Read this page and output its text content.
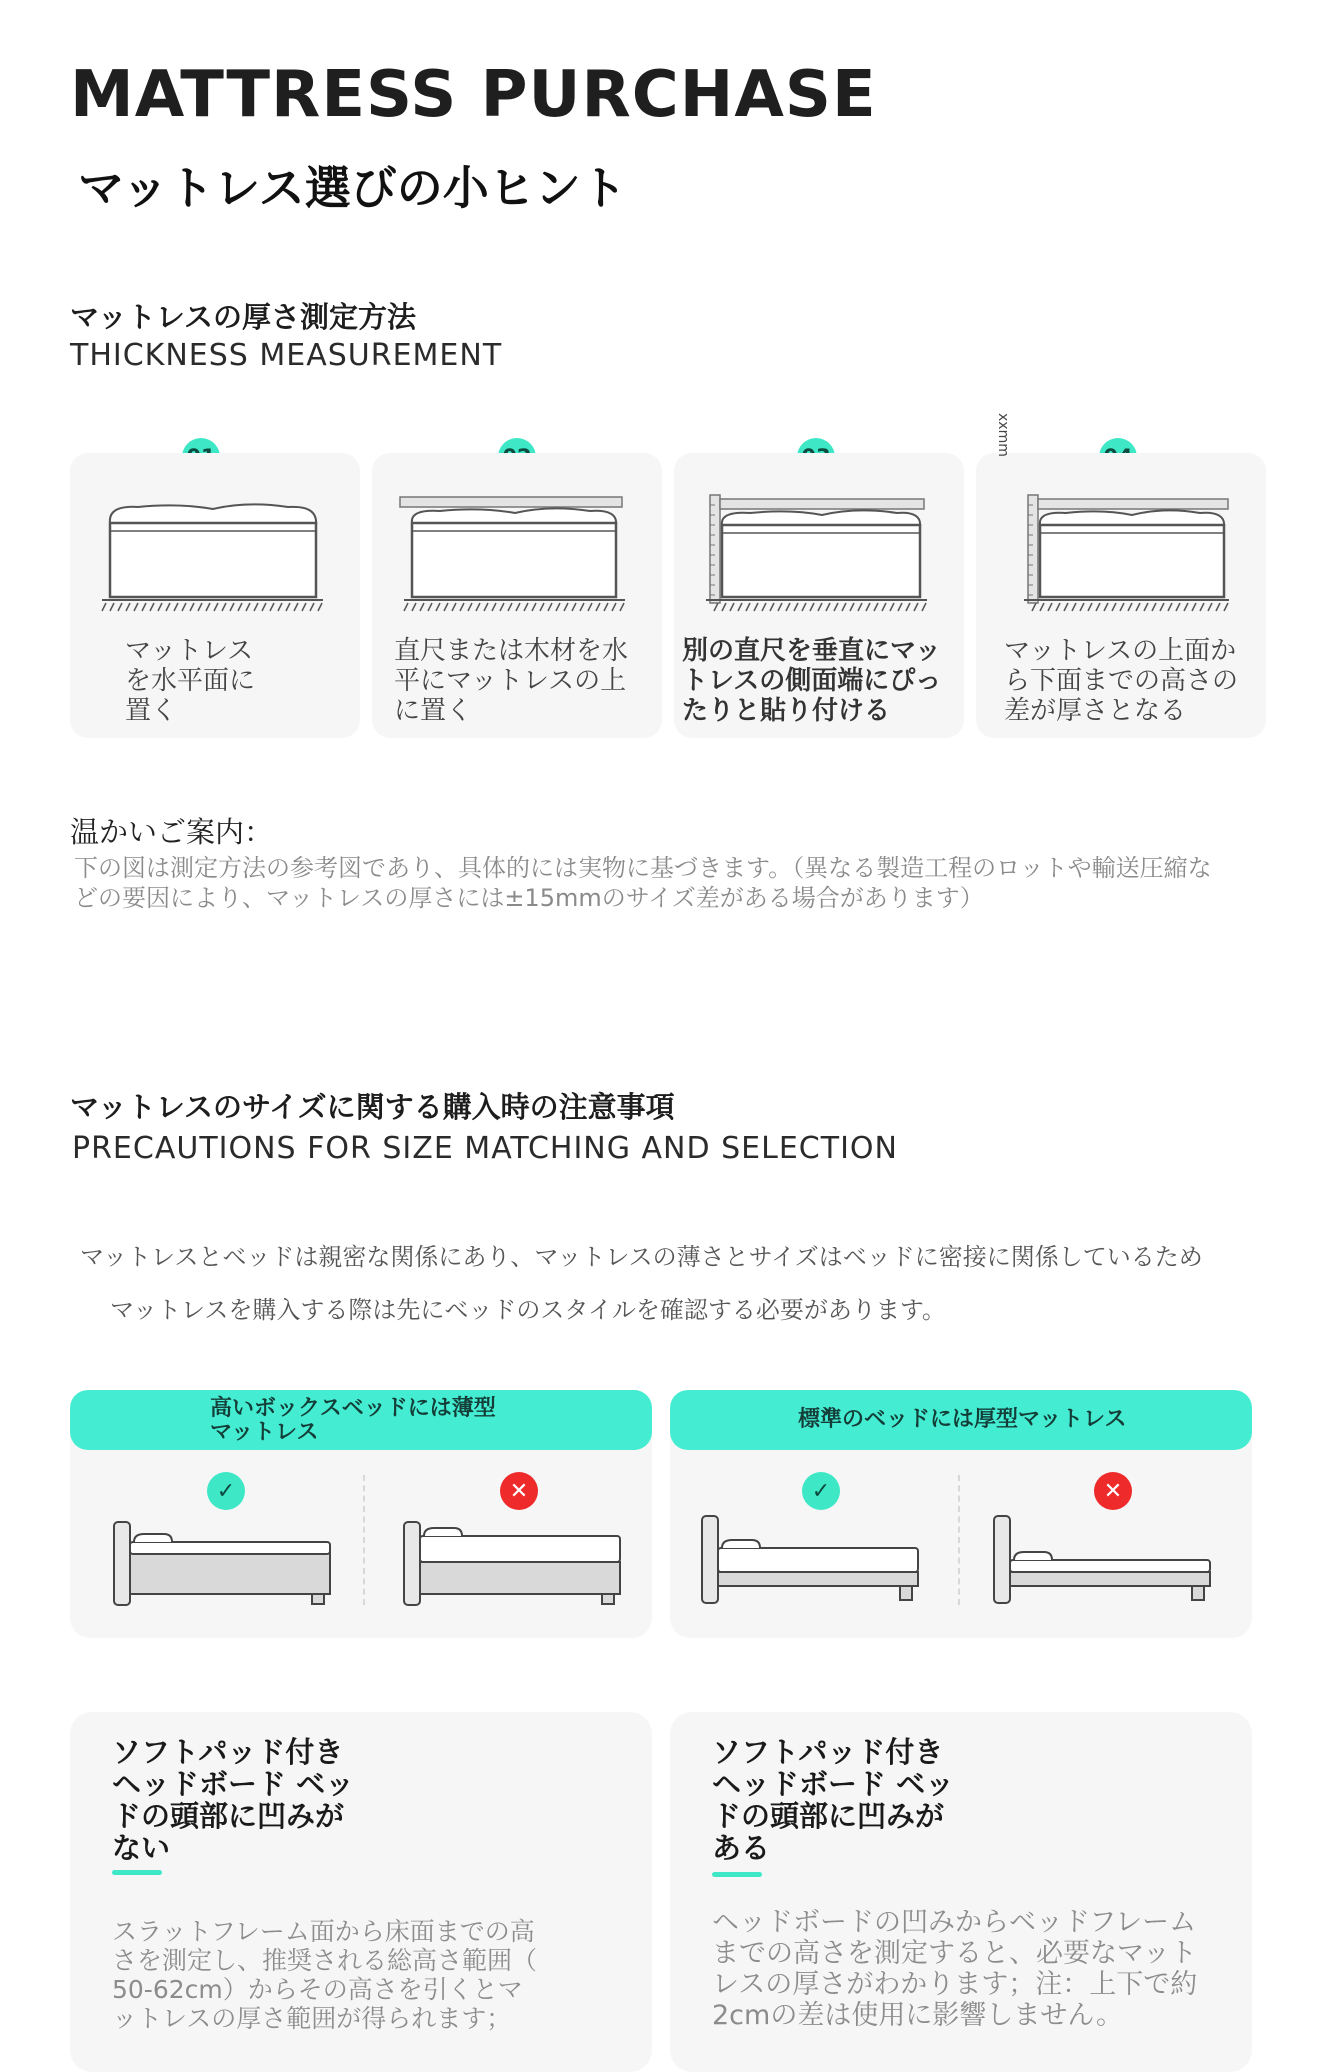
MATTRESS PURCHASE
マットレス選びの小ヒント
マットレスの厚さ測定方法
THICKNESS MEASUREMENT
マットレス
を水平面に
置く
直尺または木材を水
平にマットレスの上
に置く
別の直尺を垂直にマッ
トレスの側面端にぴっ
たりと貼り付ける
xxmm
マットレスの上面か
ら下面までの高さの
差が厚さとなる
温かいご案内：
下の図は測定方法の参考図であり、具体的には実物に基づきます。（異なる製造工程のロットや輸送圧縮などの要因により、マットレスの厚さには±15mmのサイズ差がある場合があります）
マットレスのサイズに関する購入時の注意事項
PRECAUTIONS FOR SIZE MATCHING AND SELECTION
マットレスとベッドは親密な関係にあり、マットレスの薄さとサイズはベッドに密接に関係しているため
マットレスを購入する際は先にベッドのスタイルを確認する必要があります。
高いボックスベッドには薄型
マットレス
✓	✕
標準のベッドには厚型マットレス
✓	✕
ソフトパッド付き
ヘッドボード ベッ
ドの頭部に凹みが
ない
スラットフレーム面から床面までの高
さを測定し、推奨される総高さ範囲（
50-62cm）からその高さを引くとマ
ットレスの厚さ範囲が得られます；
ソフトパッド付き
ヘッドボード ベッ
ドの頭部に凹みが
ある
ヘッドボードの凹みからベッドフレーム
までの高さを測定すると、必要なマット
レスの厚さがわかります；注：上下で約
2cmの差は使用に影響しません。
